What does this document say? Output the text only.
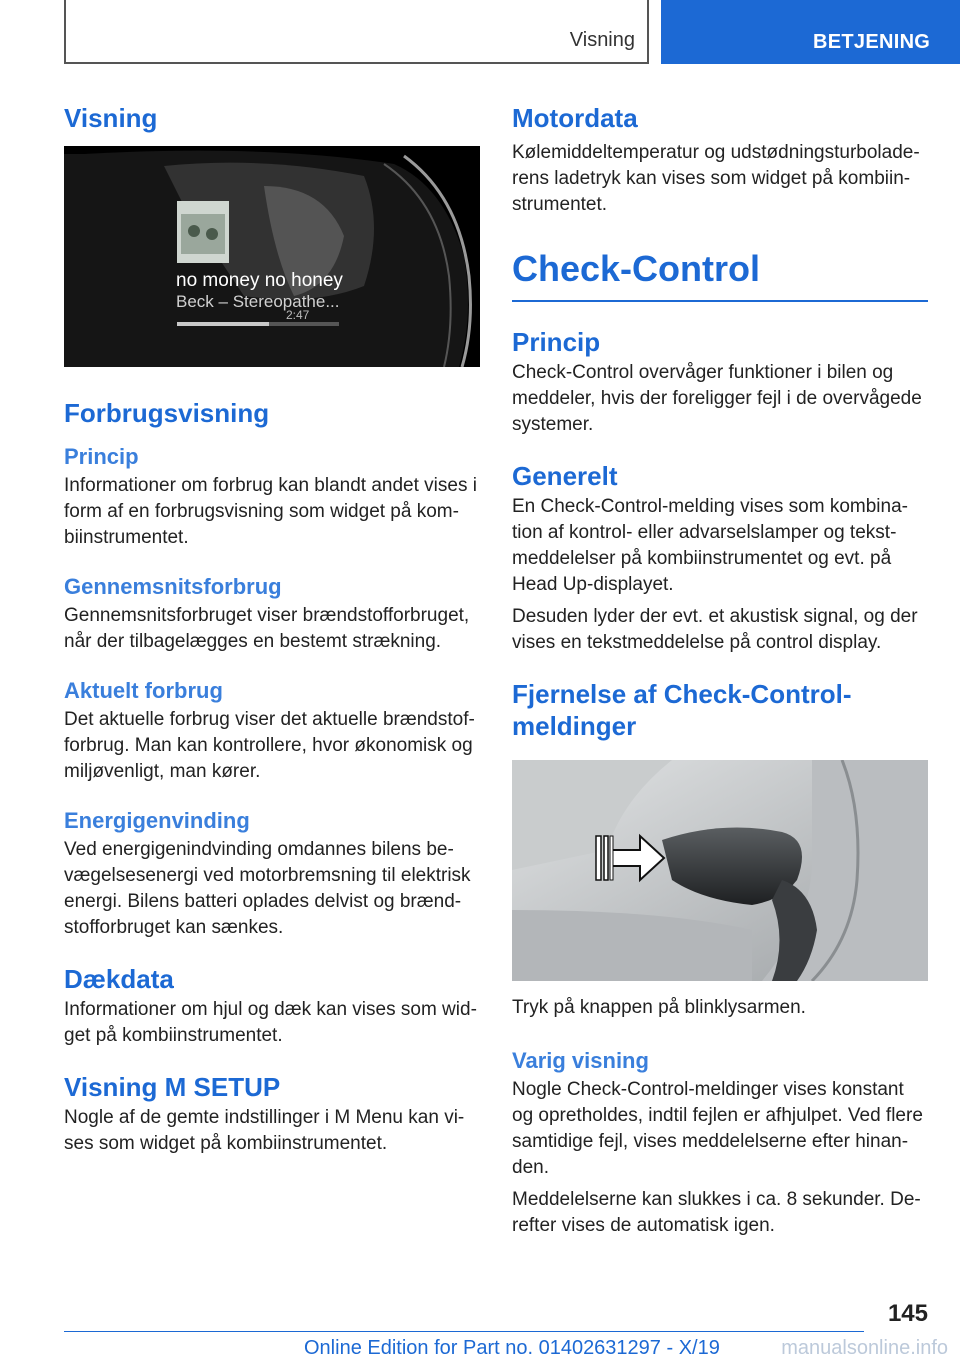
Visning	BETJENING
Visning
no money no honey
Beck – Stereopathe...
2:47
Forbrugsvisning
Princip

Informationer om forbrug kan blandt andet vises i form af en forbrugsvisning som widget på kombiinstrumentet.

Gennemsnitsforbrug

Gennemsnitsforbruget viser brændstofforbruget, når der tilbagelægges en bestemt strækning.

Aktuelt forbrug

Det aktuelle forbrug viser det aktuelle brændstofforbrug. Man kan kontrollere, hvor økonomisk og miljøvenligt, man kører.

Energigenvinding

Ved energigenindvinding omdannes bilens bevægelsesenergi ved motorbremsning til elektrisk energi. Bilens batteri oplades delvist og brændstofforbruget kan sænkes.

Dækdata

Informationer om hjul og dæk kan vises som widget på kombiinstrumentet.

Visning M SETUP

Nogle af de gemte indstillinger i M Menu kan vises som widget på kombiinstrumentet.

Motordata

Kølemiddeltemperatur og udstødningsturboladerens ladetryk kan vises som widget på kombiinstrumentet.

Check-Control
Princip

Check-Control overvåger funktioner i bilen og meddeler, hvis der foreligger fejl i de overvågede systemer.

Generelt

En Check-Control-melding vises som kombination af kontrol- eller advarselslamper og tekstmeddelelser på kombiinstrumentet og evt. på Head Up-displayet.

Desuden lyder der evt. et akustisk signal, og der vises en tekstmeddelelse på control display.

Fjernelse af Check-Control-meldinger

Tryk på knappen på blinklysarmen.

Varig visning

Nogle Check-Control-meldinger vises konstant og opretholdes, indtil fejlen er afhjulpet. Ved flere samtidige fejl, vises meddelelserne efter hinanden.

Meddelelserne kan slukkes i ca. 8 sekunder. Derefter vises de automatisk igen.

145
Online Edition for Part no. 01402631297 - X/19	manualsonline.info
